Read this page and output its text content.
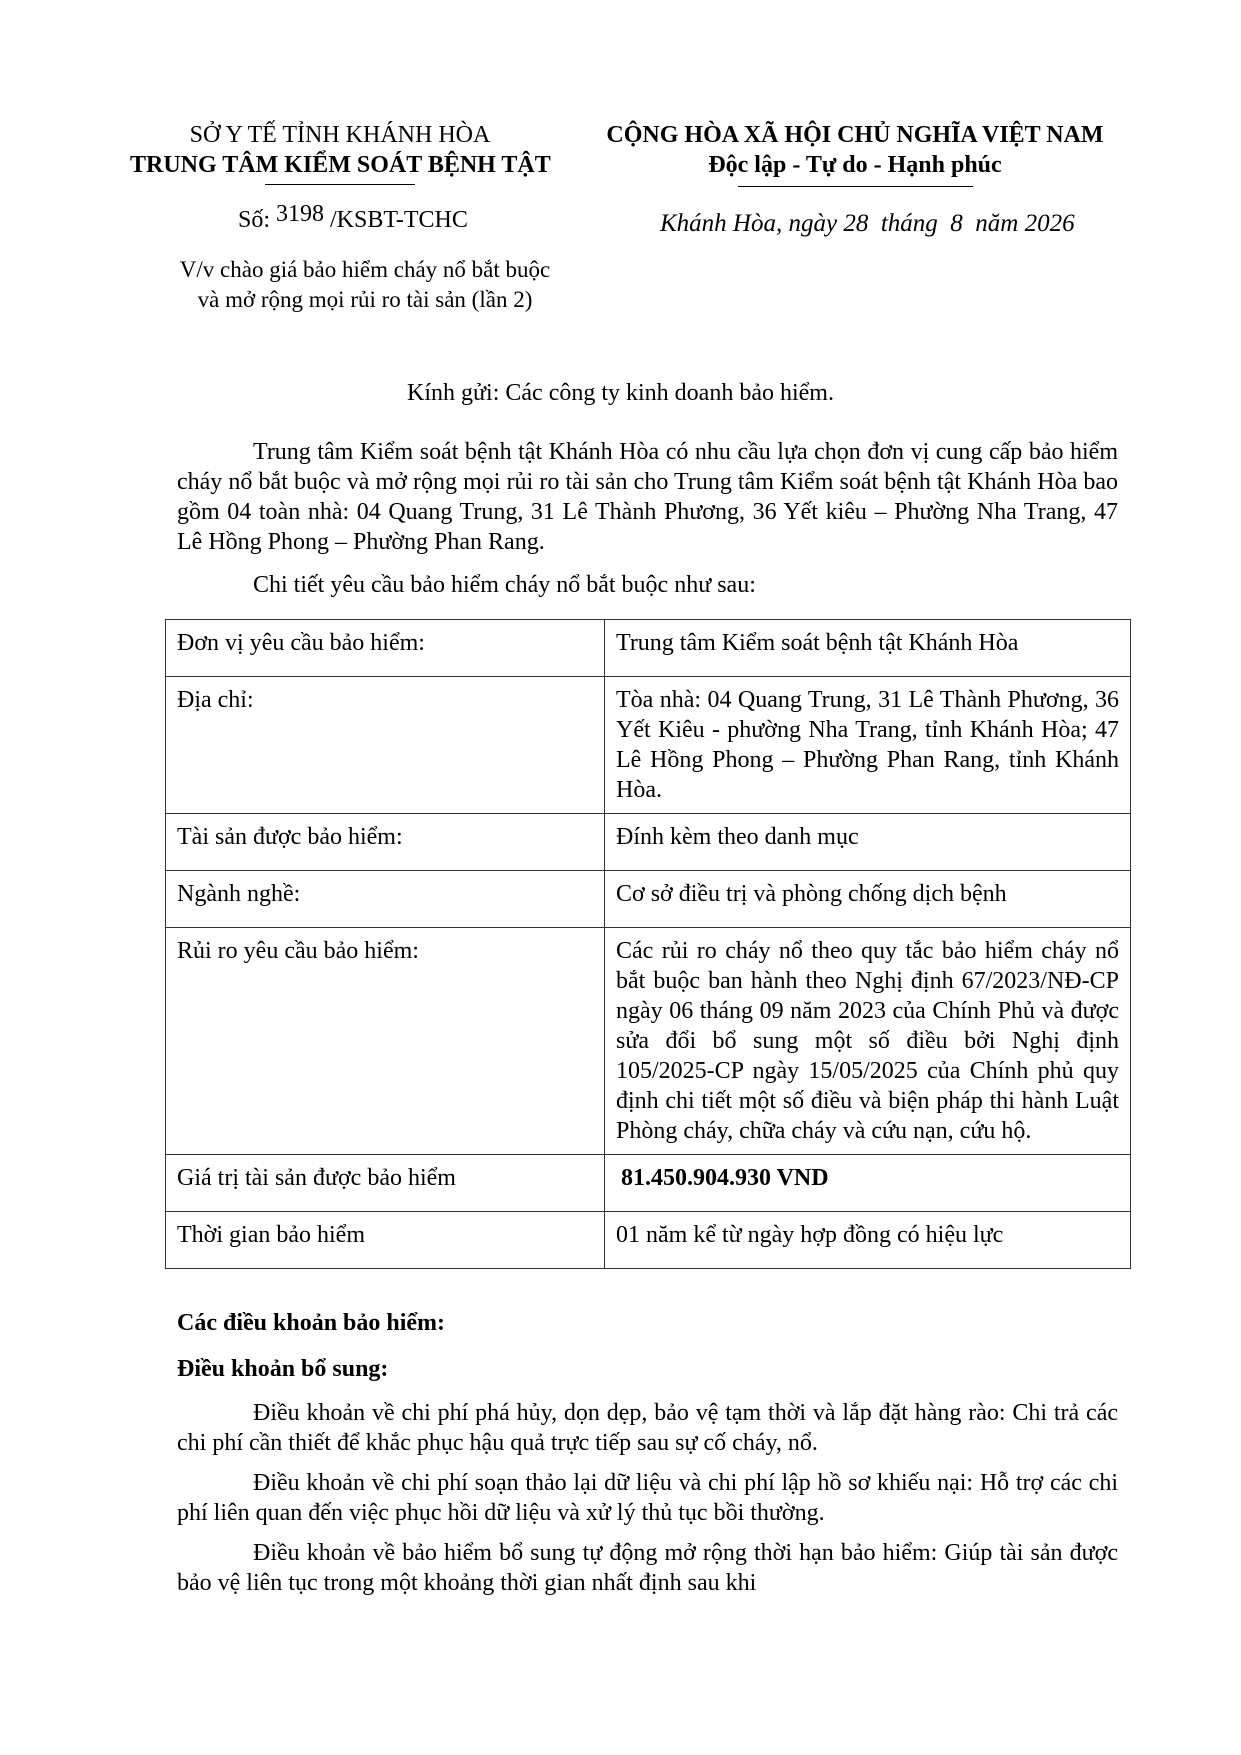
SỞ Y TẾ TỈNH KHÁNH HÒA
TRUNG TÂM KIỂM SOÁT BỆNH TẬT
CỘNG HÒA XÃ HỘI CHỦ NGHĨA VIỆT NAM
Độc lập - Tự do - Hạnh phúc
Số: 3198 /KSBT-TCHC	Khánh Hòa, ngày 28  tháng  8  năm 2026
V/v chào giá bảo hiểm cháy nổ bắt buộc
và mở rộng mọi rủi ro tài sản (lần 2)
Kính gửi: Các công ty kinh doanh bảo hiểm.
Trung tâm Kiểm soát bệnh tật Khánh Hòa có nhu cầu lựa chọn đơn vị cung cấp bảo hiểm cháy nổ bắt buộc và mở rộng mọi rủi ro tài sản cho Trung tâm Kiểm soát bệnh tật Khánh Hòa bao gồm 04 toàn nhà: 04 Quang Trung, 31 Lê Thành Phương, 36 Yết kiêu – Phường Nha Trang, 47 Lê Hồng Phong – Phường Phan Rang.
Chi tiết yêu cầu bảo hiểm cháy nổ bắt buộc như sau:
Đơn vị yêu cầu bảo hiểm:	Trung tâm Kiểm soát bệnh tật Khánh Hòa
Địa chỉ:	Tòa nhà: 04 Quang Trung, 31 Lê Thành Phương, 36 Yết Kiêu - phường Nha Trang, tỉnh Khánh Hòa; 47 Lê Hồng Phong – Phường Phan Rang, tỉnh Khánh Hòa.
Tài sản được bảo hiểm:	Đính kèm theo danh mục
Ngành nghề:	Cơ sở điều trị và phòng chống dịch bệnh
Rủi ro yêu cầu bảo hiểm:	Các rủi ro cháy nổ theo quy tắc bảo hiểm cháy nổ bắt buộc ban hành theo Nghị định 67/2023/NĐ-CP ngày 06 tháng 09 năm 2023 của Chính Phủ và được sửa đổi bổ sung một số điều bởi Nghị định 105/2025-CP ngày 15/05/2025 của Chính phủ quy định chi tiết một số điều và biện pháp thi hành Luật Phòng cháy, chữa cháy và cứu nạn, cứu hộ.
Giá trị tài sản được bảo hiểm	81.450.904.930 VND
Thời gian bảo hiểm	01 năm kể từ ngày hợp đồng có hiệu lực
Các điều khoản bảo hiểm:
Điều khoản bổ sung:
Điều khoản về chi phí phá hủy, dọn dẹp, bảo vệ tạm thời và lắp đặt hàng rào: Chi trả các chi phí cần thiết để khắc phục hậu quả trực tiếp sau sự cố cháy, nổ.
Điều khoản về chi phí soạn thảo lại dữ liệu và chi phí lập hồ sơ khiếu nại: Hỗ trợ các chi phí liên quan đến việc phục hồi dữ liệu và xử lý thủ tục bồi thường.
Điều khoản về bảo hiểm bổ sung tự động mở rộng thời hạn bảo hiểm: Giúp tài sản được bảo vệ liên tục trong một khoảng thời gian nhất định sau khi
